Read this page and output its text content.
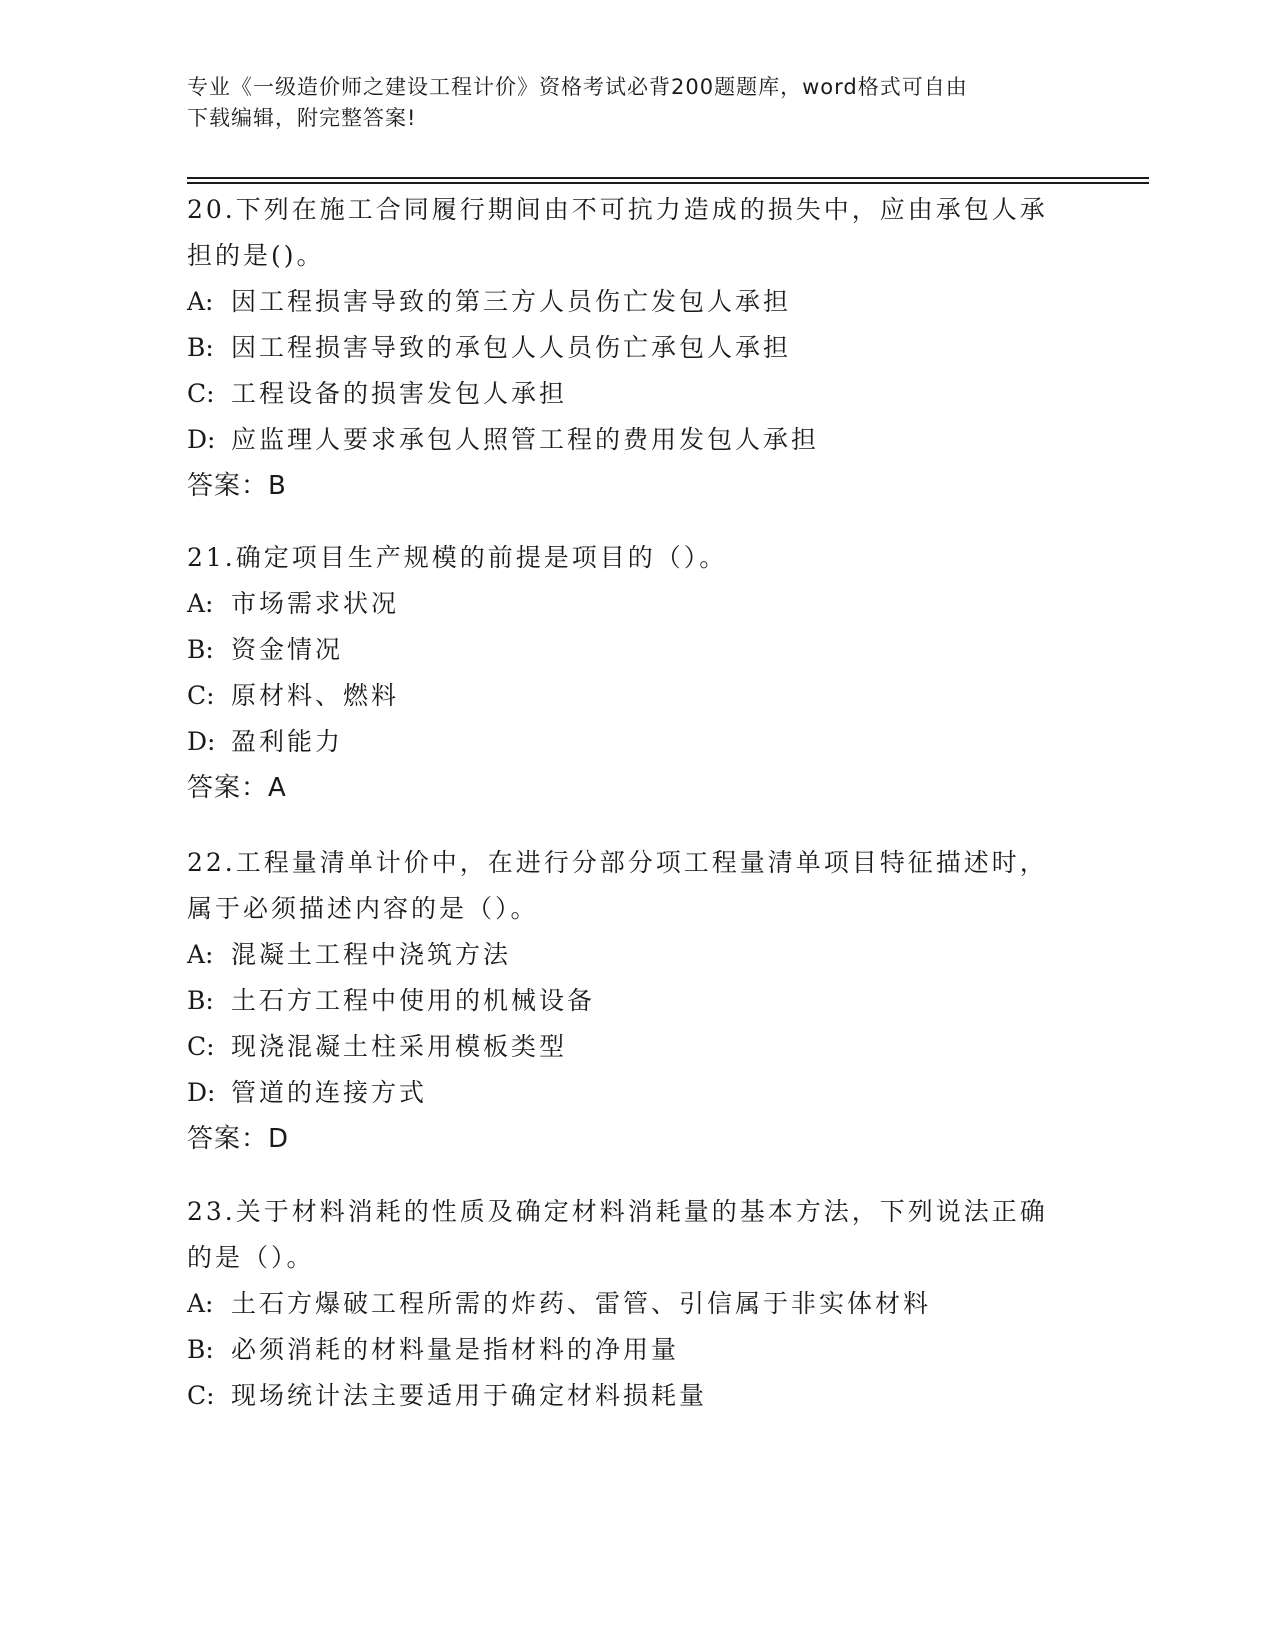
专业《一级造价师之建设工程计价》资格考试必背200题题库，word格式可自由
下载编辑，附完整答案!
20.下列在施工合同履行期间由不可抗力造成的损失中，应由承包人承
担的是()。
A: 因工程损害导致的第三方人员伤亡发包人承担
B: 因工程损害导致的承包人人员伤亡承包人承担
C: 工程设备的损害发包人承担
D: 应监理人要求承包人照管工程的费用发包人承担
答案：B
21.确定项目生产规模的前提是项目的（）。
A: 市场需求状况
B: 资金情况
C: 原材料、燃料
D: 盈利能力
答案：A
22.工程量清单计价中，在进行分部分项工程量清单项目特征描述时，
属于必须描述内容的是（）。
A: 混凝土工程中浇筑方法
B: 土石方工程中使用的机械设备
C: 现浇混凝土柱采用模板类型
D: 管道的连接方式
答案：D
23.关于材料消耗的性质及确定材料消耗量的基本方法，下列说法正确
的是（）。
A: 土石方爆破工程所需的炸药、雷管、引信属于非实体材料
B: 必须消耗的材料量是指材料的净用量
C: 现场统计法主要适用于确定材料损耗量
